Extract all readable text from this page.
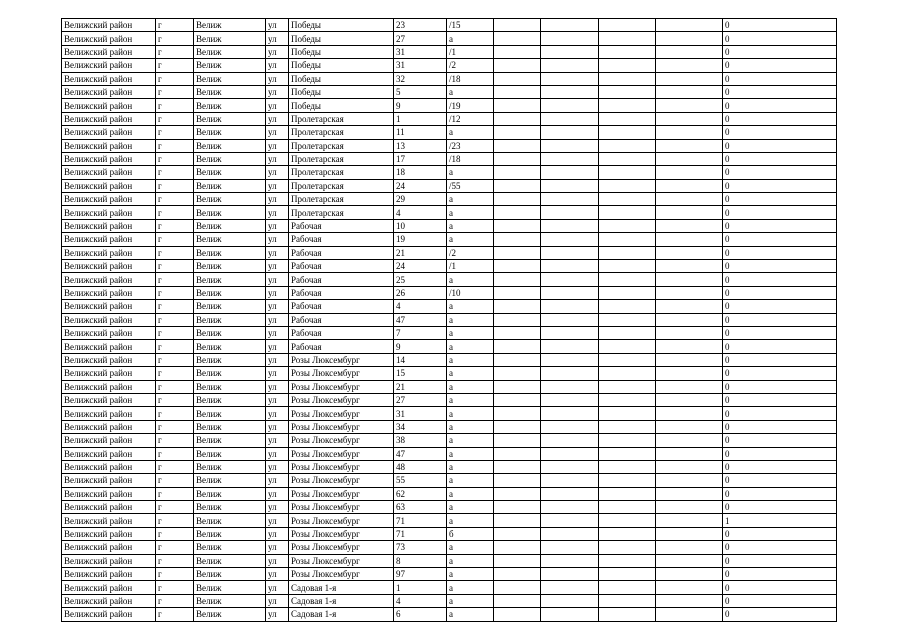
Велижский район	г	Велиж	ул	Победы	23	/15					0
Велижский район	г	Велиж	ул	Победы	27	а					0
Велижский район	г	Велиж	ул	Победы	31	/1					0
Велижский район	г	Велиж	ул	Победы	31	/2					0
Велижский район	г	Велиж	ул	Победы	32	/18					0
Велижский район	г	Велиж	ул	Победы	5	а					0
Велижский район	г	Велиж	ул	Победы	9	/19					0
Велижский район	г	Велиж	ул	Пролетарская	1	/12					0
Велижский район	г	Велиж	ул	Пролетарская	11	а					0
Велижский район	г	Велиж	ул	Пролетарская	13	/23					0
Велижский район	г	Велиж	ул	Пролетарская	17	/18					0
Велижский район	г	Велиж	ул	Пролетарская	18	а					0
Велижский район	г	Велиж	ул	Пролетарская	24	/55					0
Велижский район	г	Велиж	ул	Пролетарская	29	а					0
Велижский район	г	Велиж	ул	Пролетарская	4	а					0
Велижский район	г	Велиж	ул	Рабочая	10	а					0
Велижский район	г	Велиж	ул	Рабочая	19	а					0
Велижский район	г	Велиж	ул	Рабочая	21	/2					0
Велижский район	г	Велиж	ул	Рабочая	24	/1					0
Велижский район	г	Велиж	ул	Рабочая	25	а					0
Велижский район	г	Велиж	ул	Рабочая	26	/10					0
Велижский район	г	Велиж	ул	Рабочая	4	а					0
Велижский район	г	Велиж	ул	Рабочая	47	а					0
Велижский район	г	Велиж	ул	Рабочая	7	а					0
Велижский район	г	Велиж	ул	Рабочая	9	а					0
Велижский район	г	Велиж	ул	Розы Люксембург	14	а					0
Велижский район	г	Велиж	ул	Розы Люксембург	15	а					0
Велижский район	г	Велиж	ул	Розы Люксембург	21	а					0
Велижский район	г	Велиж	ул	Розы Люксембург	27	а					0
Велижский район	г	Велиж	ул	Розы Люксембург	31	а					0
Велижский район	г	Велиж	ул	Розы Люксембург	34	а					0
Велижский район	г	Велиж	ул	Розы Люксембург	38	а					0
Велижский район	г	Велиж	ул	Розы Люксембург	47	а					0
Велижский район	г	Велиж	ул	Розы Люксембург	48	а					0
Велижский район	г	Велиж	ул	Розы Люксембург	55	а					0
Велижский район	г	Велиж	ул	Розы Люксембург	62	а					0
Велижский район	г	Велиж	ул	Розы Люксембург	63	а					0
Велижский район	г	Велиж	ул	Розы Люксембург	71	а					1
Велижский район	г	Велиж	ул	Розы Люксембург	71	б					0
Велижский район	г	Велиж	ул	Розы Люксембург	73	а					0
Велижский район	г	Велиж	ул	Розы Люксембург	8	а					0
Велижский район	г	Велиж	ул	Розы Люксембург	97	а					0
Велижский район	г	Велиж	ул	Садовая 1-я	1	а					0
Велижский район	г	Велиж	ул	Садовая 1-я	4	а					0
Велижский район	г	Велиж	ул	Садовая 1-я	6	а					0
